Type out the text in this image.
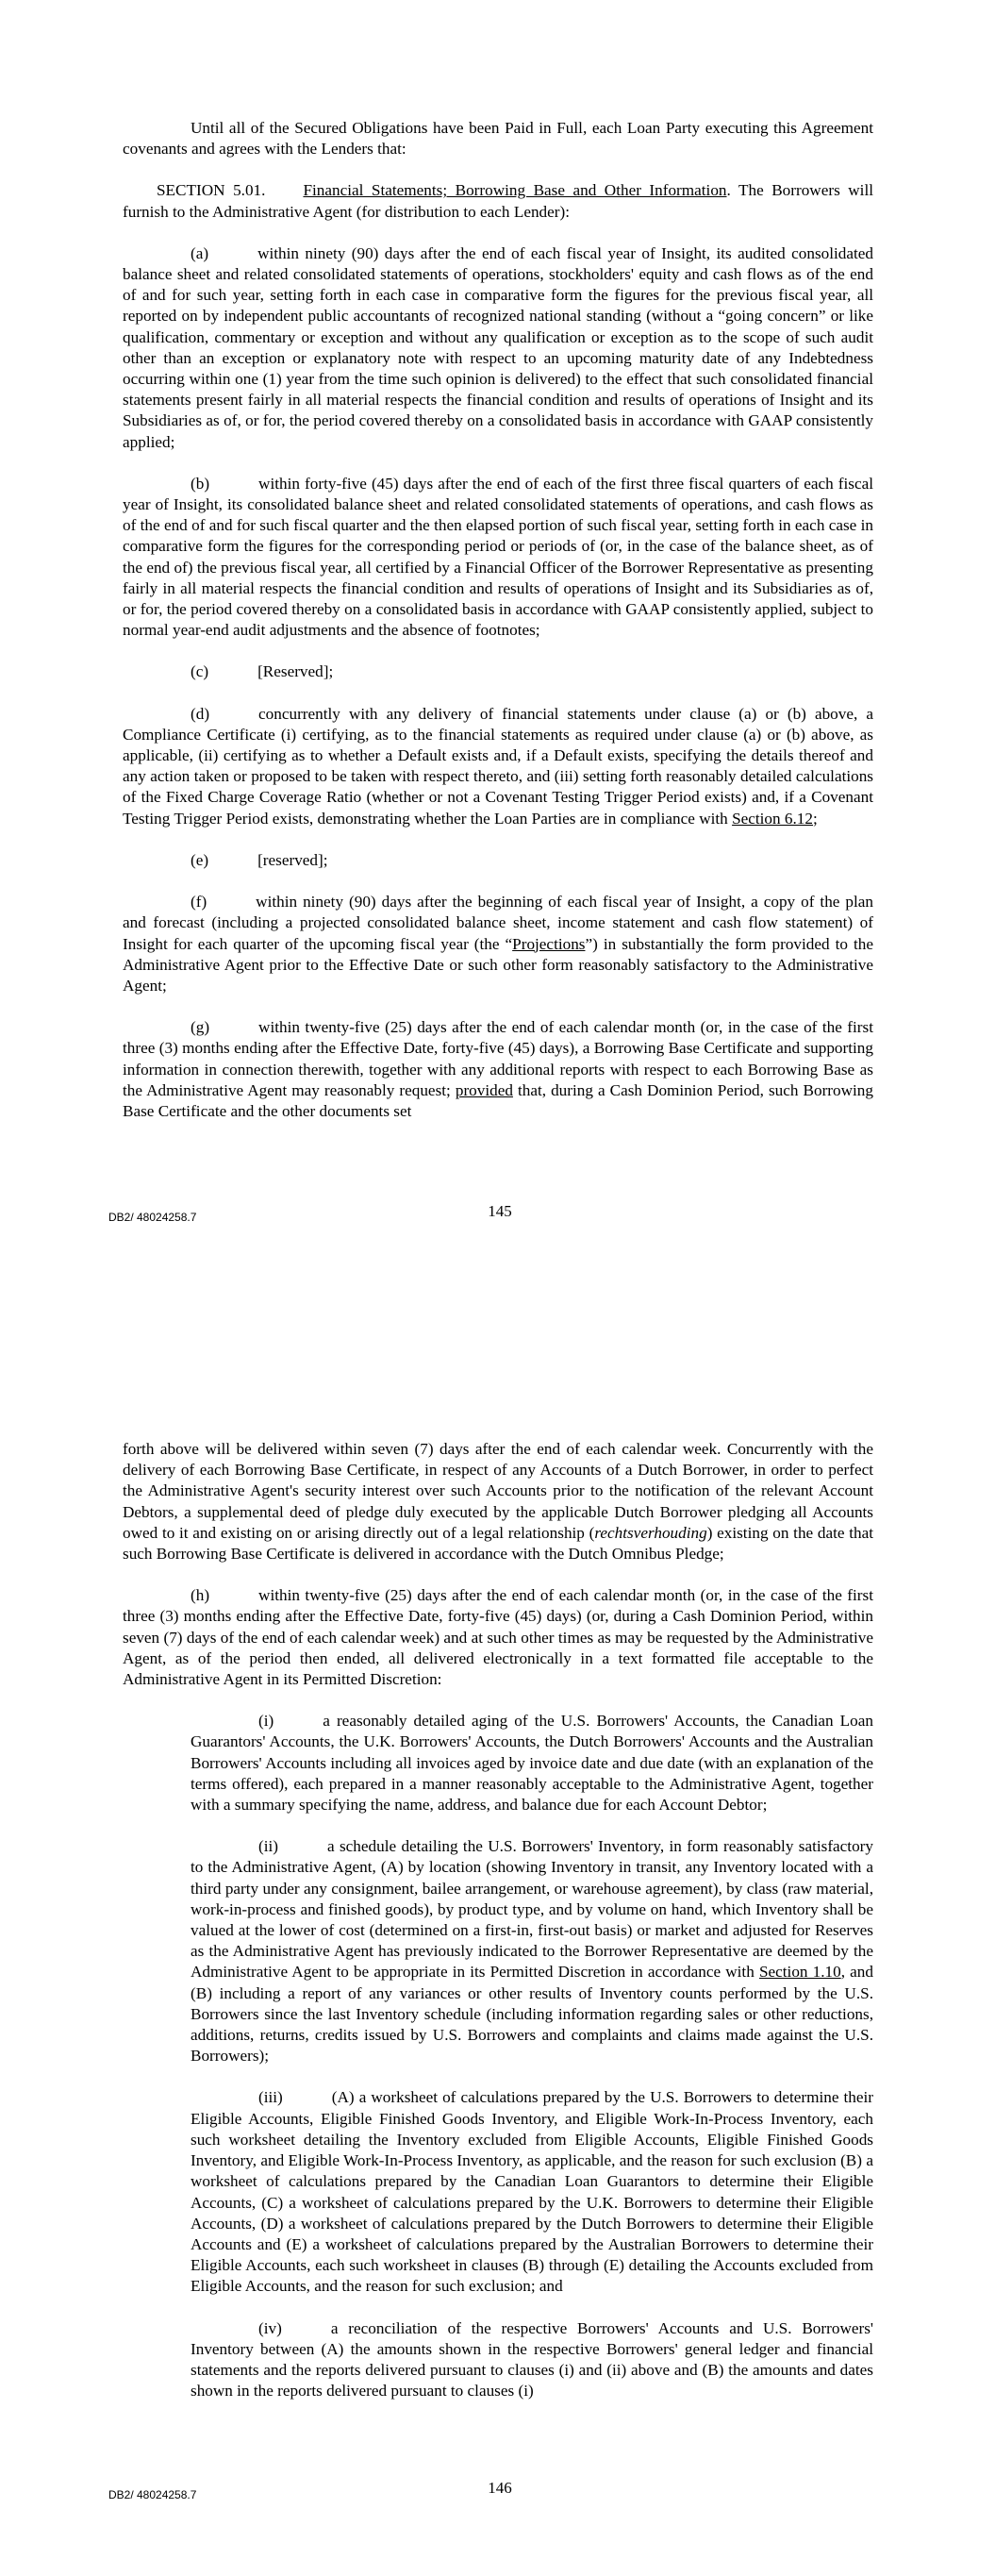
Until all of the Secured Obligations have been Paid in Full, each Loan Party executing this Agreement covenants and agrees with the Lenders that:

SECTION 5.01. Financial Statements; Borrowing Base and Other Information. The Borrowers will furnish to the Administrative Agent (for distribution to each Lender):

(a)	within ninety (90) days after the end of each fiscal year of Insight, its audited consolidated balance sheet and related consolidated statements of operations, stockholders' equity and cash flows as of the end of and for such year, setting forth in each case in comparative form the figures for the previous fiscal year, all reported on by independent public accountants of recognized national standing (without a “going concern” or like qualification, commentary or exception and without any qualification or exception as to the scope of such audit other than an exception or explanatory note with respect to an upcoming maturity date of any Indebtedness occurring within one (1) year from the time such opinion is delivered) to the effect that such consolidated financial statements present fairly in all material respects the financial condition and results of operations of Insight and its Subsidiaries as of, or for, the period covered thereby on a consolidated basis in accordance with GAAP consistently applied;

(b)	within forty-five (45) days after the end of each of the first three fiscal quarters of each fiscal year of Insight, its consolidated balance sheet and related consolidated statements of operations, and cash flows as of the end of and for such fiscal quarter and the then elapsed portion of such fiscal year, setting forth in each case in comparative form the figures for the corresponding period or periods of (or, in the case of the balance sheet, as of the end of) the previous fiscal year, all certified by a Financial Officer of the Borrower Representative as presenting fairly in all material respects the financial condition and results of operations of Insight and its Subsidiaries as of, or for, the period covered thereby on a consolidated basis in accordance with GAAP consistently applied, subject to normal year-end audit adjustments and the absence of footnotes;

(c)	[Reserved];

(d)	concurrently with any delivery of financial statements under clause (a) or (b) above, a Compliance Certificate (i) certifying, as to the financial statements as required under clause (a) or (b) above, as applicable, (ii) certifying as to whether a Default exists and, if a Default exists, specifying the details thereof and any action taken or proposed to be taken with respect thereto, and (iii) setting forth reasonably detailed calculations of the Fixed Charge Coverage Ratio (whether or not a Covenant Testing Trigger Period exists) and, if a Covenant Testing Trigger Period exists, demonstrating whether the Loan Parties are in compliance with Section 6.12;

(e)	[reserved];

(f)	within ninety (90) days after the beginning of each fiscal year of Insight, a copy of the plan and forecast (including a projected consolidated balance sheet, income statement and cash flow statement) of Insight for each quarter of the upcoming fiscal year (the “Projections”) in substantially the form provided to the Administrative Agent prior to the Effective Date or such other form reasonably satisfactory to the Administrative Agent;

(g)	within twenty-five (25) days after the end of each calendar month (or, in the case of the first three (3) months ending after the Effective Date, forty-five (45) days), a Borrowing Base Certificate and supporting information in connection therewith, together with any additional reports with respect to each Borrowing Base as the Administrative Agent may reasonably request; provided that, during a Cash Dominion Period, such Borrowing Base Certificate and the other documents set

DB2/ 48024258.7	145

forth above will be delivered within seven (7) days after the end of each calendar week. Concurrently with the delivery of each Borrowing Base Certificate, in respect of any Accounts of a Dutch Borrower, in order to perfect the Administrative Agent's security interest over such Accounts prior to the notification of the relevant Account Debtors, a supplemental deed of pledge duly executed by the applicable Dutch Borrower pledging all Accounts owed to it and existing on or arising directly out of a legal relationship (rechtsverhouding) existing on the date that such Borrowing Base Certificate is delivered in accordance with the Dutch Omnibus Pledge;

(h)	within twenty-five (25) days after the end of each calendar month (or, in the case of the first three (3) months ending after the Effective Date, forty-five (45) days) (or, during a Cash Dominion Period, within seven (7) days of the end of each calendar week) and at such other times as may be requested by the Administrative Agent, as of the period then ended, all delivered electronically in a text formatted file acceptable to the Administrative Agent in its Permitted Discretion:

(i)	a reasonably detailed aging of the U.S. Borrowers' Accounts, the Canadian Loan Guarantors' Accounts, the U.K. Borrowers' Accounts, the Dutch Borrowers' Accounts and the Australian Borrowers' Accounts including all invoices aged by invoice date and due date (with an explanation of the terms offered), each prepared in a manner reasonably acceptable to the Administrative Agent, together with a summary specifying the name, address, and balance due for each Account Debtor;

(ii)	a schedule detailing the U.S. Borrowers' Inventory, in form reasonably satisfactory to the Administrative Agent, (A) by location (showing Inventory in transit, any Inventory located with a third party under any consignment, bailee arrangement, or warehouse agreement), by class (raw material, work-in-process and finished goods), by product type, and by volume on hand, which Inventory shall be valued at the lower of cost (determined on a first-in, first-out basis) or market and adjusted for Reserves as the Administrative Agent has previously indicated to the Borrower Representative are deemed by the Administrative Agent to be appropriate in its Permitted Discretion in accordance with Section 1.10, and (B) including a report of any variances or other results of Inventory counts performed by the U.S. Borrowers since the last Inventory schedule (including information regarding sales or other reductions, additions, returns, credits issued by U.S. Borrowers and complaints and claims made against the U.S. Borrowers);

(iii)	(A) a worksheet of calculations prepared by the U.S. Borrowers to determine their Eligible Accounts, Eligible Finished Goods Inventory, and Eligible Work-In-Process Inventory, each such worksheet detailing the Inventory excluded from Eligible Accounts, Eligible Finished Goods Inventory, and Eligible Work-In-Process Inventory, as applicable, and the reason for such exclusion (B) a worksheet of calculations prepared by the Canadian Loan Guarantors to determine their Eligible Accounts, (C) a worksheet of calculations prepared by the U.K. Borrowers to determine their Eligible Accounts, (D) a worksheet of calculations prepared by the Dutch Borrowers to determine their Eligible Accounts and (E) a worksheet of calculations prepared by the Australian Borrowers to determine their Eligible Accounts, each such worksheet in clauses (B) through (E) detailing the Accounts excluded from Eligible Accounts, and the reason for such exclusion; and

(iv)	a reconciliation of the respective Borrowers' Accounts and U.S. Borrowers' Inventory between (A) the amounts shown in the respective Borrowers' general ledger and financial statements and the reports delivered pursuant to clauses (i) and (ii) above and (B) the amounts and dates shown in the reports delivered pursuant to clauses (i)

DB2/ 48024258.7	146
